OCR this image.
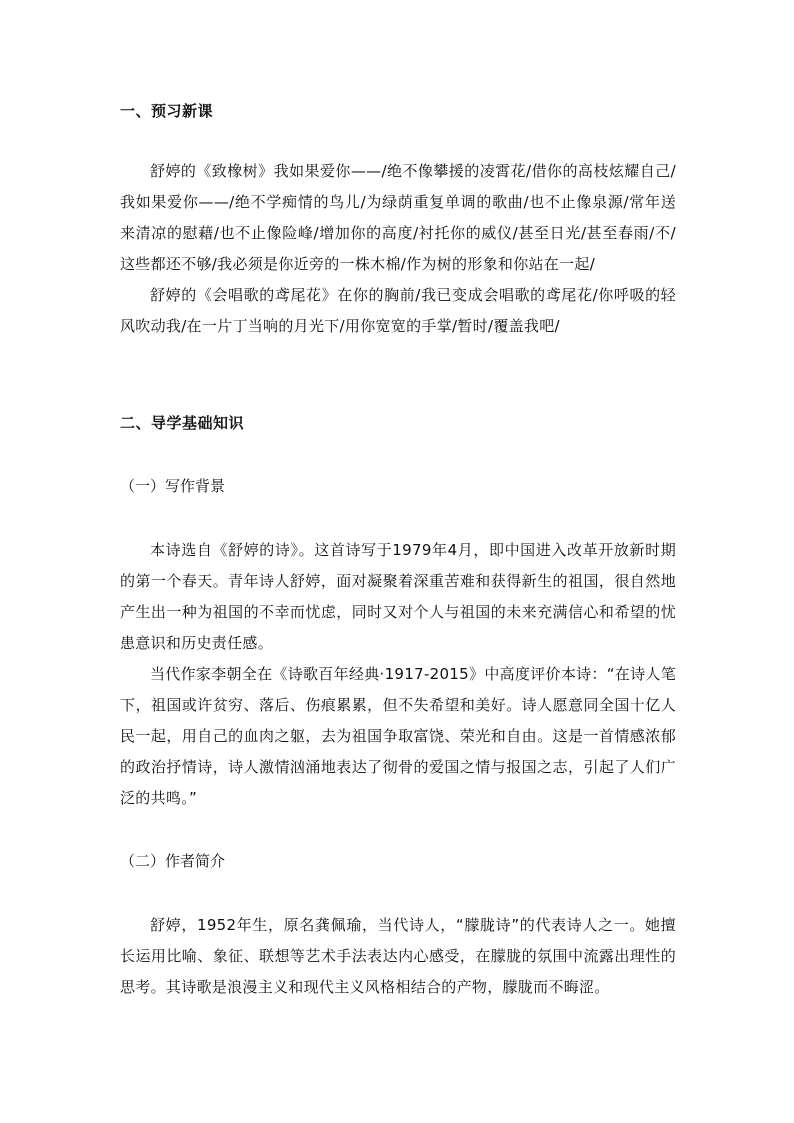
一、预习新课

舒婷的《致橡树》我如果爱你——/绝不像攀援的凌霄花/借你的高枝炫耀自己/我如果爱你——/绝不学痴情的鸟儿/为绿荫重复单调的歌曲/也不止像泉源/常年送来清凉的慰藉/也不止像险峰/增加你的高度/衬托你的威仪/甚至日光/甚至春雨/不/这些都还不够/我必须是你近旁的一株木棉/作为树的形象和你站在一起/

舒婷的《会唱歌的鸢尾花》在你的胸前/我已变成会唱歌的鸢尾花/你呼吸的轻风吹动我/在一片丁当响的月光下/用你宽宽的手掌/暂时/覆盖我吧/

二、导学基础知识

（一）写作背景

本诗选自《舒婷的诗》。这首诗写于1979年4月，即中国进入改革开放新时期的第一个春天。青年诗人舒婷，面对凝聚着深重苦难和获得新生的祖国，很自然地产生出一种为祖国的不幸而忧虑，同时又对个人与祖国的未来充满信心和希望的忧患意识和历史责任感。

当代作家李朝全在《诗歌百年经典·1917-2015》中高度评价本诗：“在诗人笔下，祖国或许贫穷、落后、伤痕累累，但不失希望和美好。诗人愿意同全国十亿人民一起，用自己的血肉之躯，去为祖国争取富饶、荣光和自由。这是一首情感浓郁的政治抒情诗，诗人激情汹涌地表达了彻骨的爱国之情与报国之志，引起了人们广泛的共鸣。”

（二）作者简介

舒婷，1952年生，原名龚佩瑜，当代诗人，“朦胧诗”的代表诗人之一。她擅长运用比喻、象征、联想等艺术手法表达内心感受，在朦胧的氛围中流露出理性的思考。其诗歌是浪漫主义和现代主义风格相结合的产物，朦胧而不晦涩。
